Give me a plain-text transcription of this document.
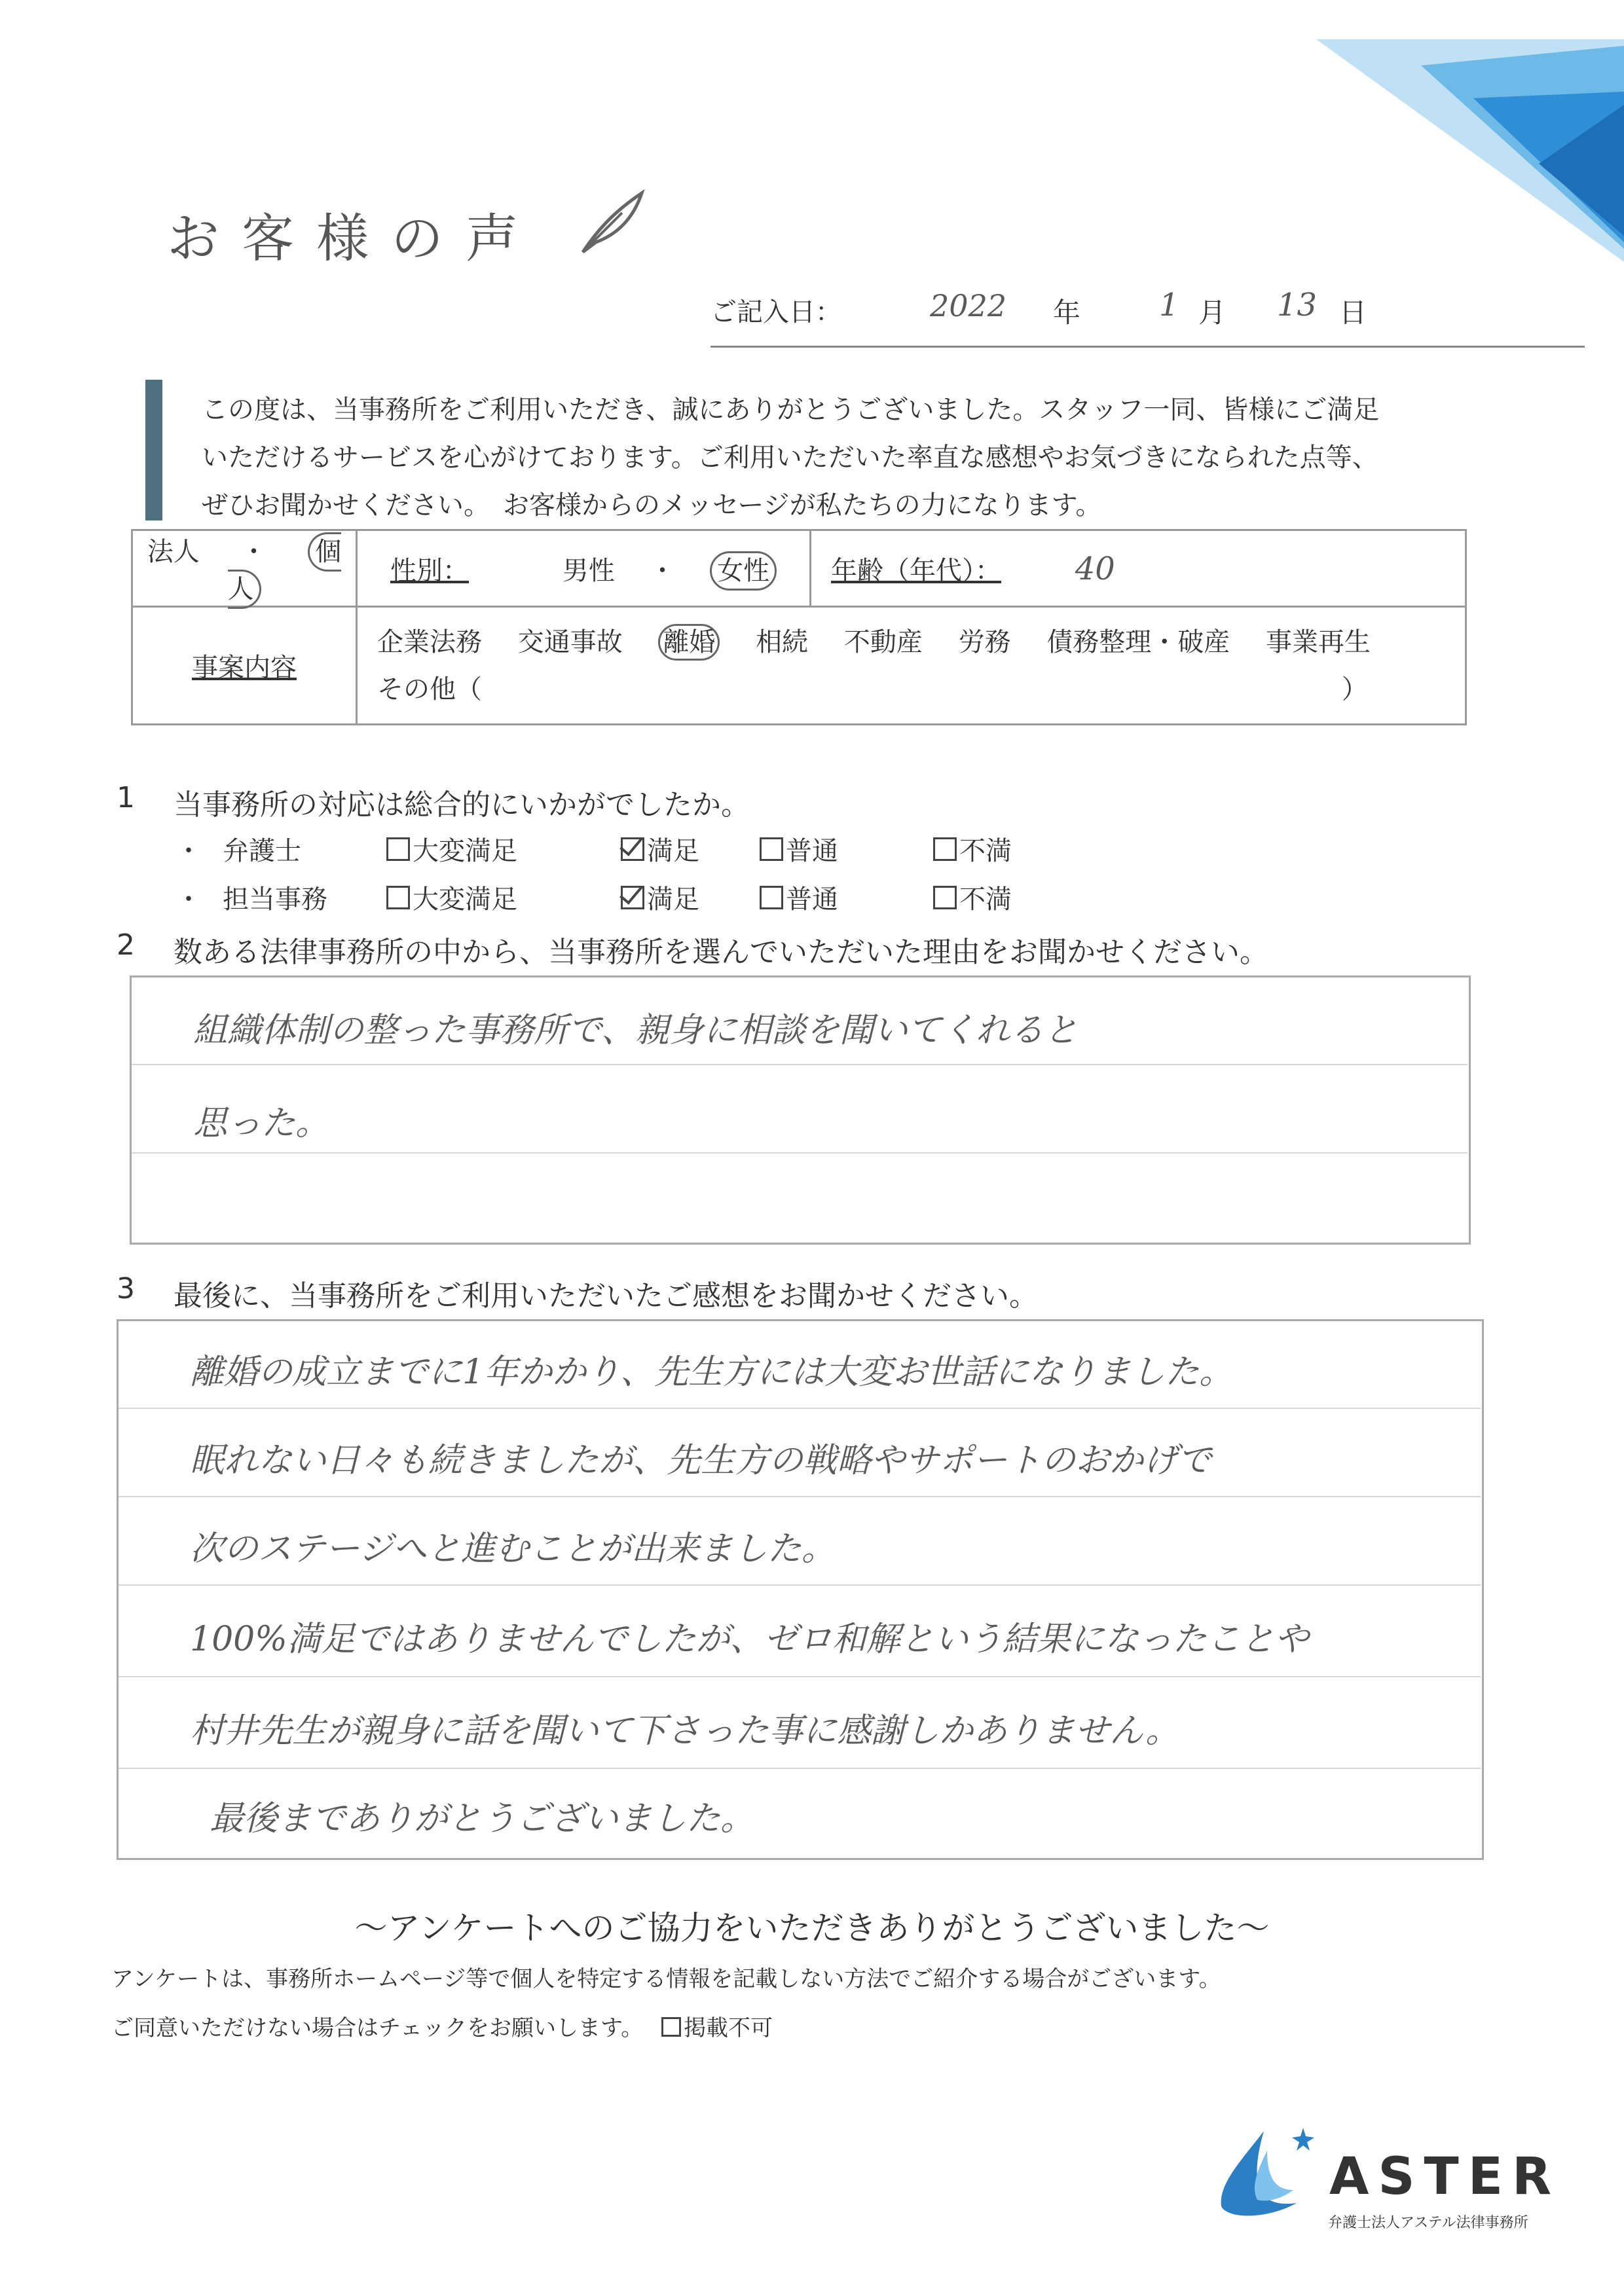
お客様の声
ご記入日：	2022 年 1 月 13 日
この度は、当事務所をご利用いただき、誠にありがとうございました。スタッフ一同、皆様にご満足
いただけるサービスを心がけております。ご利用いただいた率直な感想やお気づきになられた点等、
ぜひお聞かせください。　お客様からのメッセージが私たちの力になります。
法人 ・ 個人	性別： 男性 ・ 女性	年齢（年代）： 40
事案内容	企業法務 交通事故 離婚 相続 不動産 労務 債務整理・破産 事業再生
その他（ ）	
1 当事務所の対応は総合的にいかがでしたか。
・ 弁護士	大変満足	満足	普通	不満
・ 担当事務	大変満足	満足	普通	不満
2 数ある法律事務所の中から、当事務所を選んでいただいた理由をお聞かせください。
組織体制の整った事務所で、親身に相談を聞いてくれると
思った。
3 最後に、当事務所をご利用いただいたご感想をお聞かせください。
離婚の成立までに1年かかり、先生方には大変お世話になりました。
眠れない日々も続きましたが、先生方の戦略やサポートのおかげで
次のステージへと進むことが出来ました。
100%満足ではありませんでしたが、ゼロ和解という結果になったことや
村井先生が親身に話を聞いて下さった事に感謝しかありません。
最後までありがとうございました。
～アンケートへのご協力をいただきありがとうございました～
アンケートは、事務所ホームページ等で個人を特定する情報を記載しない方法でご紹介する場合がございます。
ご同意いただけない場合はチェックをお願いします。	掲載不可
ASTER
弁護士法人アステル法律事務所
